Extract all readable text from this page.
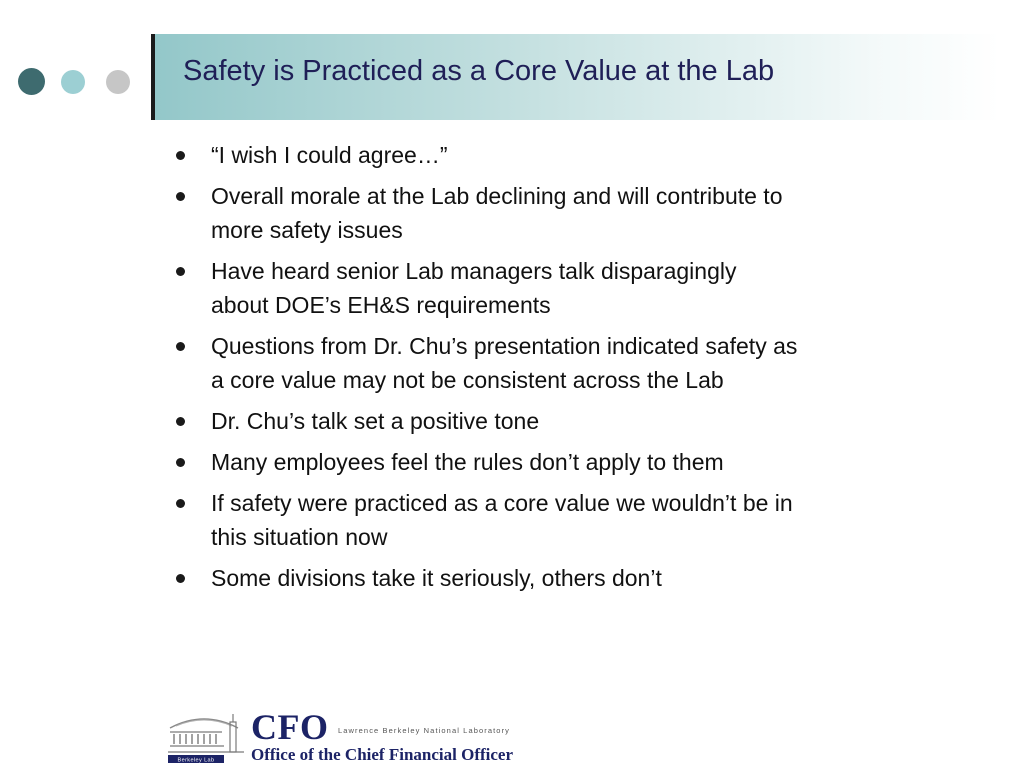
Safety is Practiced as a Core Value at the Lab
“I wish I could agree…”
Overall morale at the Lab declining and will contribute to
more safety issues
Have heard senior Lab managers talk disparagingly
about DOE’s EH&S requirements
Questions from Dr. Chu’s presentation indicated safety as
a core value may not be consistent across the Lab
Dr. Chu’s talk set a positive tone
Many employees feel the rules don’t apply to them
If safety were practiced as a core value we wouldn’t be in
this situation now
Some divisions take it seriously, others don’t
Berkeley Lab
CFO Lawrence Berkeley National Laboratory
Office of the Chief Financial Officer
